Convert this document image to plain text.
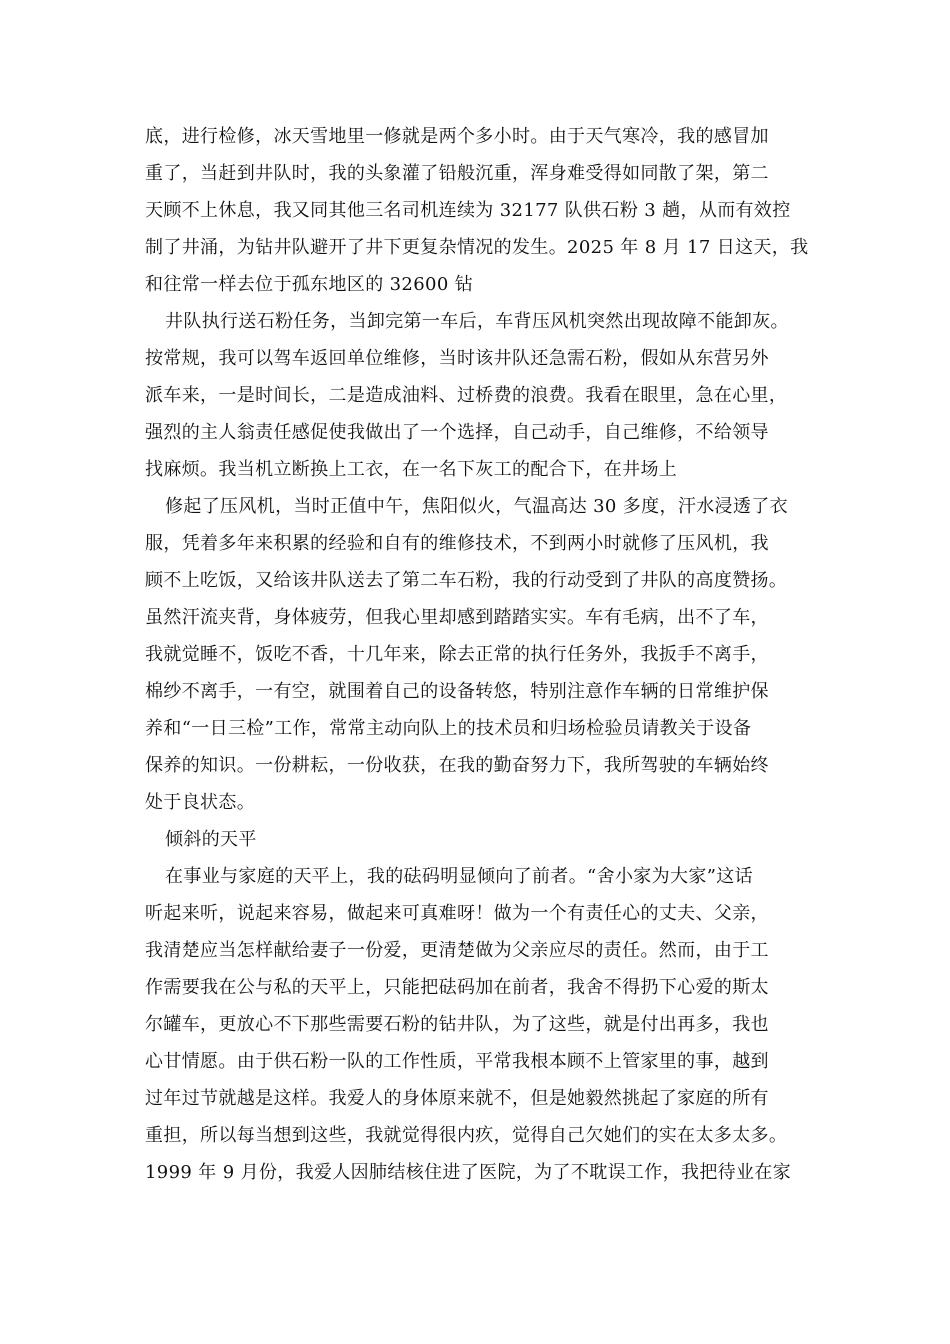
底，进行检修，冰天雪地里一修就是两个多小时。由于天气寒冷，我的感冒加
重了，当赶到井队时，我的头象灌了铅般沉重，浑身难受得如同散了架，第二
天顾不上休息，我又同其他三名司机连续为 32177 队供石粉 3 趟，从而有效控
制了井涌，为钻井队避开了井下更复杂情况的发生。2025 年 8 月 17 日这天，我
和往常一样去位于孤东地区的 32600 钻
井队执行送石粉任务，当卸完第一车后，车背压风机突然出现故障不能卸灰。
按常规，我可以驾车返回单位维修，当时该井队还急需石粉，假如从东营另外
派车来，一是时间长，二是造成油料、过桥费的浪费。我看在眼里，急在心里，
强烈的主人翁责任感促使我做出了一个选择，自己动手，自己维修，不给领导
找麻烦。我当机立断换上工衣，在一名下灰工的配合下，在井场上
修起了压风机，当时正值中午，焦阳似火，气温高达 30 多度，汗水浸透了衣
服，凭着多年来积累的经验和自有的维修技术，不到两小时就修了压风机，我
顾不上吃饭，又给该井队送去了第二车石粉，我的行动受到了井队的高度赞扬。
虽然汗流夹背，身体疲劳，但我心里却感到踏踏实实。车有毛病，出不了车，
我就觉睡不，饭吃不香，十几年来，除去正常的执行任务外，我扳手不离手，
棉纱不离手，一有空，就围着自己的设备转悠，特别注意作车辆的日常维护保
养和“一日三检”工作，常常主动向队上的技术员和归场检验员请教关于设备
保养的知识。一份耕耘，一份收获，在我的勤奋努力下，我所驾驶的车辆始终
处于良状态。
倾斜的天平
在事业与家庭的天平上，我的砝码明显倾向了前者。“舍小家为大家”这话
听起来听，说起来容易，做起来可真难呀！做为一个有责任心的丈夫、父亲，
我清楚应当怎样献给妻子一份爱，更清楚做为父亲应尽的责任。然而，由于工
作需要我在公与私的天平上，只能把砝码加在前者，我舍不得扔下心爱的斯太
尔罐车，更放心不下那些需要石粉的钻井队，为了这些，就是付出再多，我也
心甘情愿。由于供石粉一队的工作性质，平常我根本顾不上管家里的事，越到
过年过节就越是这样。我爱人的身体原来就不，但是她毅然挑起了家庭的所有
重担，所以每当想到这些，我就觉得很内疚，觉得自己欠她们的实在太多太多。
1999 年 9 月份，我爱人因肺结核住进了医院，为了不耽误工作，我把待业在家
